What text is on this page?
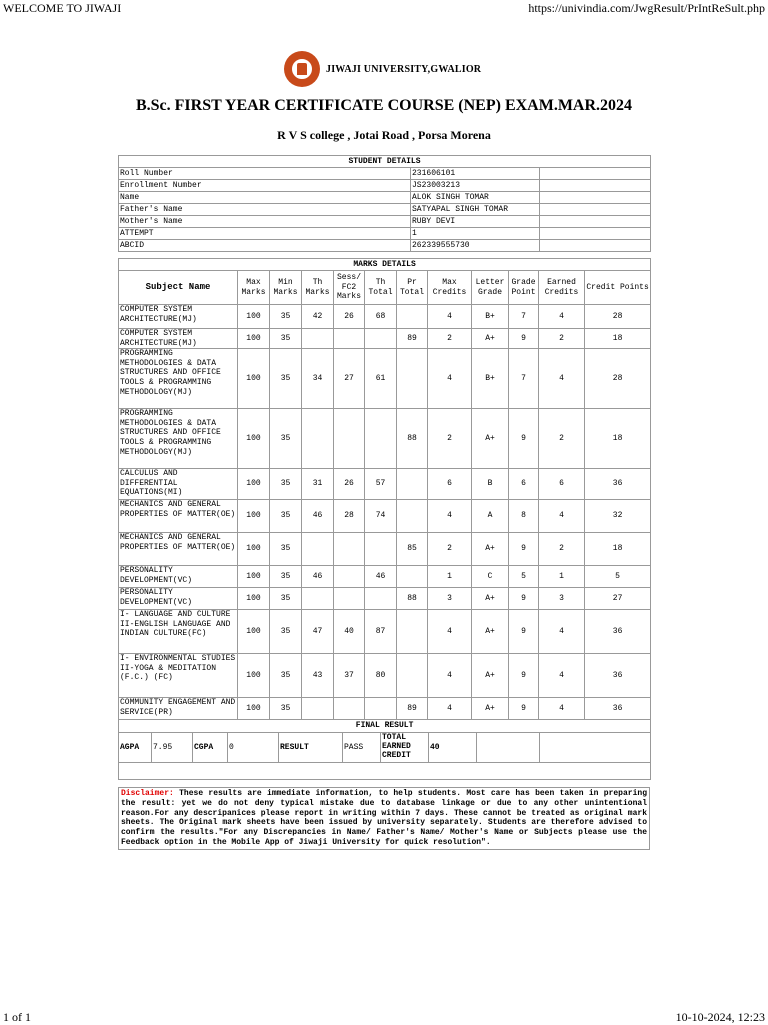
WELCOME TO JIWAJI	https://univindia.com/JwgResult/PrIntReSult.php
JIWAJI UNIVERSITY,GWALIOR
B.Sc. FIRST YEAR CERTIFICATE COURSE (NEP) EXAM.MAR.2024
R V S college , Jotai Road , Porsa Morena
STUDENT DETAILS		
Roll Number	231606101	
Enrollment Number	JS23003213	
Name	ALOK SINGH TOMAR	
Father's Name	SATYAPAL SINGH TOMAR	
Mother's Name	RUBY DEVI	
ATTEMPT	1	
ABCID	262339555730	
MARKS DETAILS											
Subject Name	Max Marks	Min Marks	Th Marks	Sess/ FC2 Marks	Th Total	Pr Total	Max Credits	Letter Grade	Grade Point	Earned Credits	Credit Points
COMPUTER SYSTEM ARCHITECTURE(MJ)	100	35	42	26	68		4	B+	7	4	28
COMPUTER SYSTEM ARCHITECTURE(MJ)	100	35				89	2	A+	9	2	18
PROGRAMMING METHODOLOGIES & DATA STRUCTURES AND OFFICE TOOLS & PROGRAMMING METHODOLOGY(MJ)	100	35	34	27	61		4	B+	7	4	28
PROGRAMMING METHODOLOGIES & DATA STRUCTURES AND OFFICE TOOLS & PROGRAMMING METHODOLOGY(MJ)	100	35				88	2	A+	9	2	18
CALCULUS AND DIFFERENTIAL EQUATIONS(MI)	100	35	31	26	57		6	B	6	6	36
MECHANICS AND GENERAL PROPERTIES OF MATTER(OE)	100	35	46	28	74		4	A	8	4	32
MECHANICS AND GENERAL PROPERTIES OF MATTER(OE)	100	35				85	2	A+	9	2	18
PERSONALITY DEVELOPMENT(VC)	100	35	46		46		1	C	5	1	5
PERSONALITY DEVELOPMENT(VC)	100	35				88	3	A+	9	3	27
I- LANGUAGE AND CULTURE II-ENGLISH LANGUAGE AND INDIAN CULTURE(FC)	100	35	47	40	87		4	A+	9	4	36
I- ENVIRONMENTAL STUDIES II-YOGA & MEDITATION (F.C.) (FC)	100	35	43	37	80		4	A+	9	4	36
COMMUNITY ENGAGEMENT AND SERVICE(PR)	100	35				89	4	A+	9	4	36
FINAL RESULT
AGPA	7.95	CGPA	0	RESULT	PASS	TOTAL EARNED CREDIT	40		

Disclaimer: These results are immediate information, to help students. Most care has been taken in preparing the result: yet we do not deny typical mistake due to database linkage or due to any other unintentional reason.For any descripanices please report in writing within 7 days. These cannot be treated as original mark sheets. The Original mark sheets have been issued by university separately. Students are therefore advised to confirm the results."For any Discrepancies in Name/ Father's Name/ Mother's Name or Subjects please use the Feedback option in the Mobile App of Jiwaji University for quick resolution".
1 of 1	10-10-2024, 12:23
